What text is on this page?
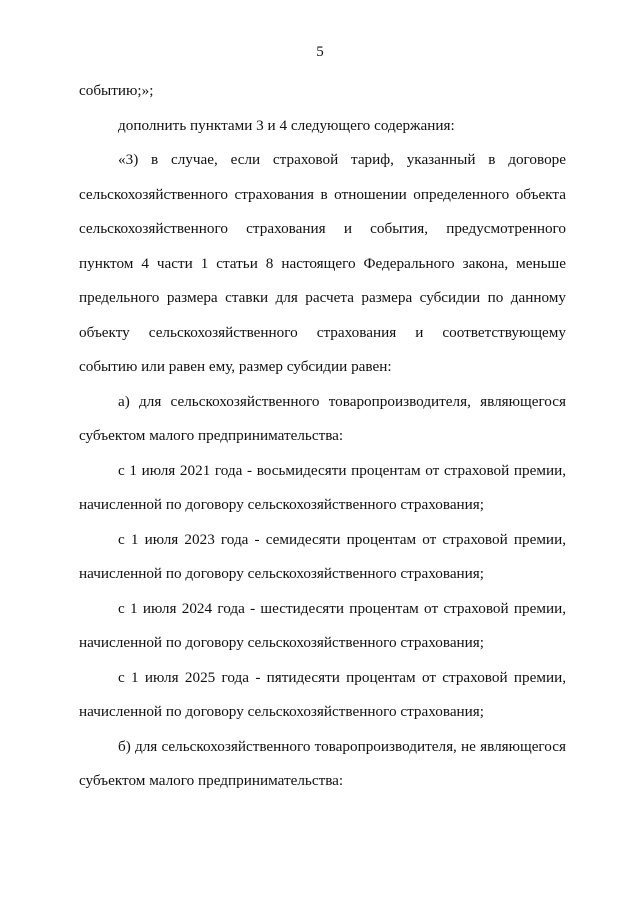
5

событию;»;

дополнить пунктами 3 и 4 следующего содержания:

«3) в случае, если страховой тариф, указанный в договоре сельскохозяйственного страхования в отношении определенного объекта сельскохозяйственного страхования и события, предусмотренного пунктом 4 части 1 статьи 8 настоящего Федерального закона, меньше предельного размера ставки для расчета размера субсидии по данному объекту сельскохозяйственного страхования и соответствующему событию или равен ему, размер субсидии равен:

а) для сельскохозяйственного товаропроизводителя, являющегося субъектом малого предпринимательства:

с 1 июля 2021 года - восьмидесяти процентам от страховой премии, начисленной по договору сельскохозяйственного страхования;

с 1 июля 2023 года - семидесяти процентам от страховой премии, начисленной по договору сельскохозяйственного страхования;

с 1 июля 2024 года - шестидесяти процентам от страховой премии, начисленной по договору сельскохозяйственного страхования;

с 1 июля 2025 года - пятидесяти процентам от страховой премии, начисленной по договору сельскохозяйственного страхования;

б) для сельскохозяйственного товаропроизводителя, не являющегося субъектом малого предпринимательства:
